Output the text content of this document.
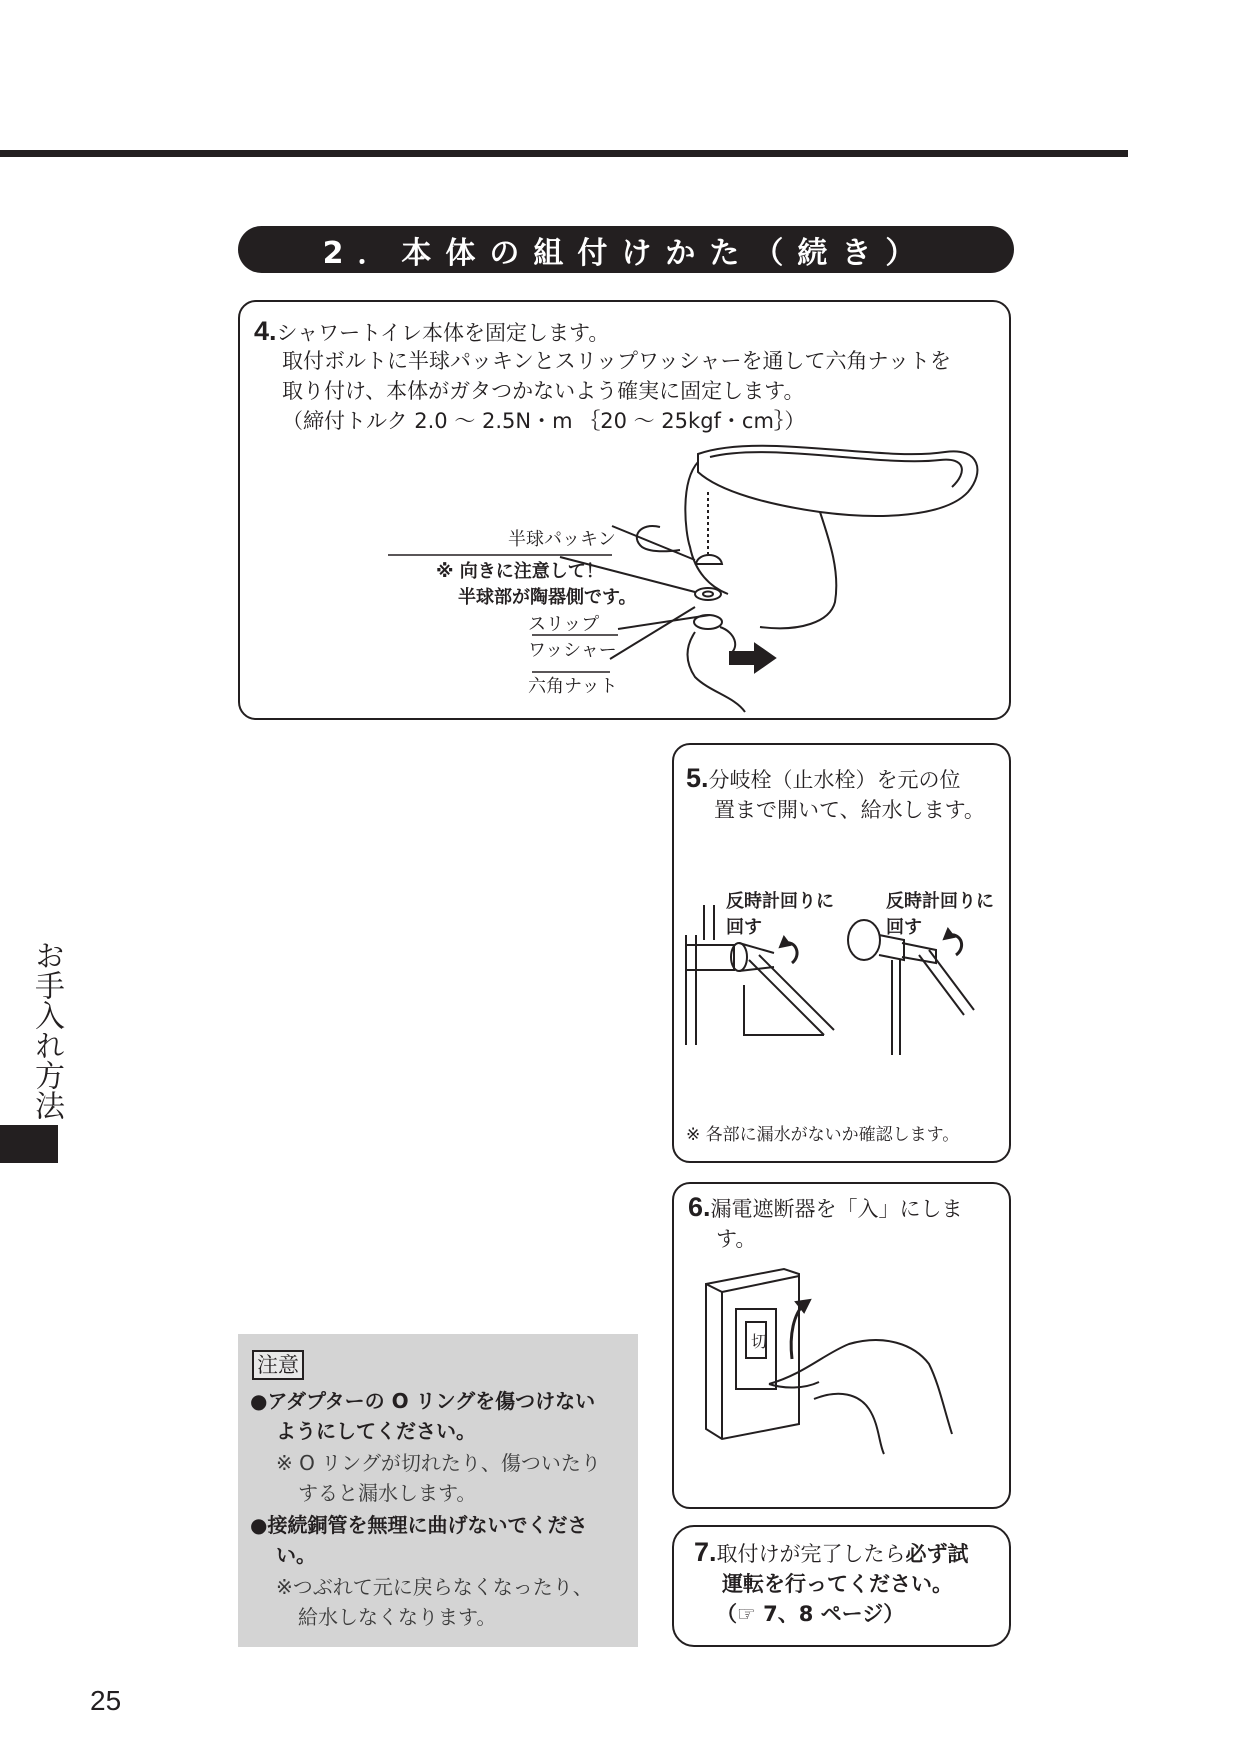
2．本体の組付けかた（続き）
4.シャワートイレ本体を固定します。
取付ボルトに半球パッキンとスリップワッシャーを通して六角ナットを
取り付け、本体がガタつかないよう確実に固定します。
（締付トルク 2.0 ～ 2.5N・m ｛20 ～ 25kgf・cm｝）
半球パッキン
※ 向きに注意して！
半球部が陶器側です。
スリップ
ワッシャー
六角ナット
5.分岐栓（止水栓）を元の位
置まで開いて、給水します。
反時計回りに
回す
反時計回りに
回す
※ 各部に漏水がないか確認します。
6.漏電遮断器を「入」にしま
す。
切
7.取付けが完了したら必ず試
運転を行ってください。
（☞ 7、8 ページ）
注意
●アダプターの O リングを傷つけない
ようにしてください。
※ O リングが切れたり、傷ついたり
すると漏水します。
●接続銅管を無理に曲げないでくださ
い。
※つぶれて元に戻らなくなったり、
給水しなくなります。
お手入れ方法
25
